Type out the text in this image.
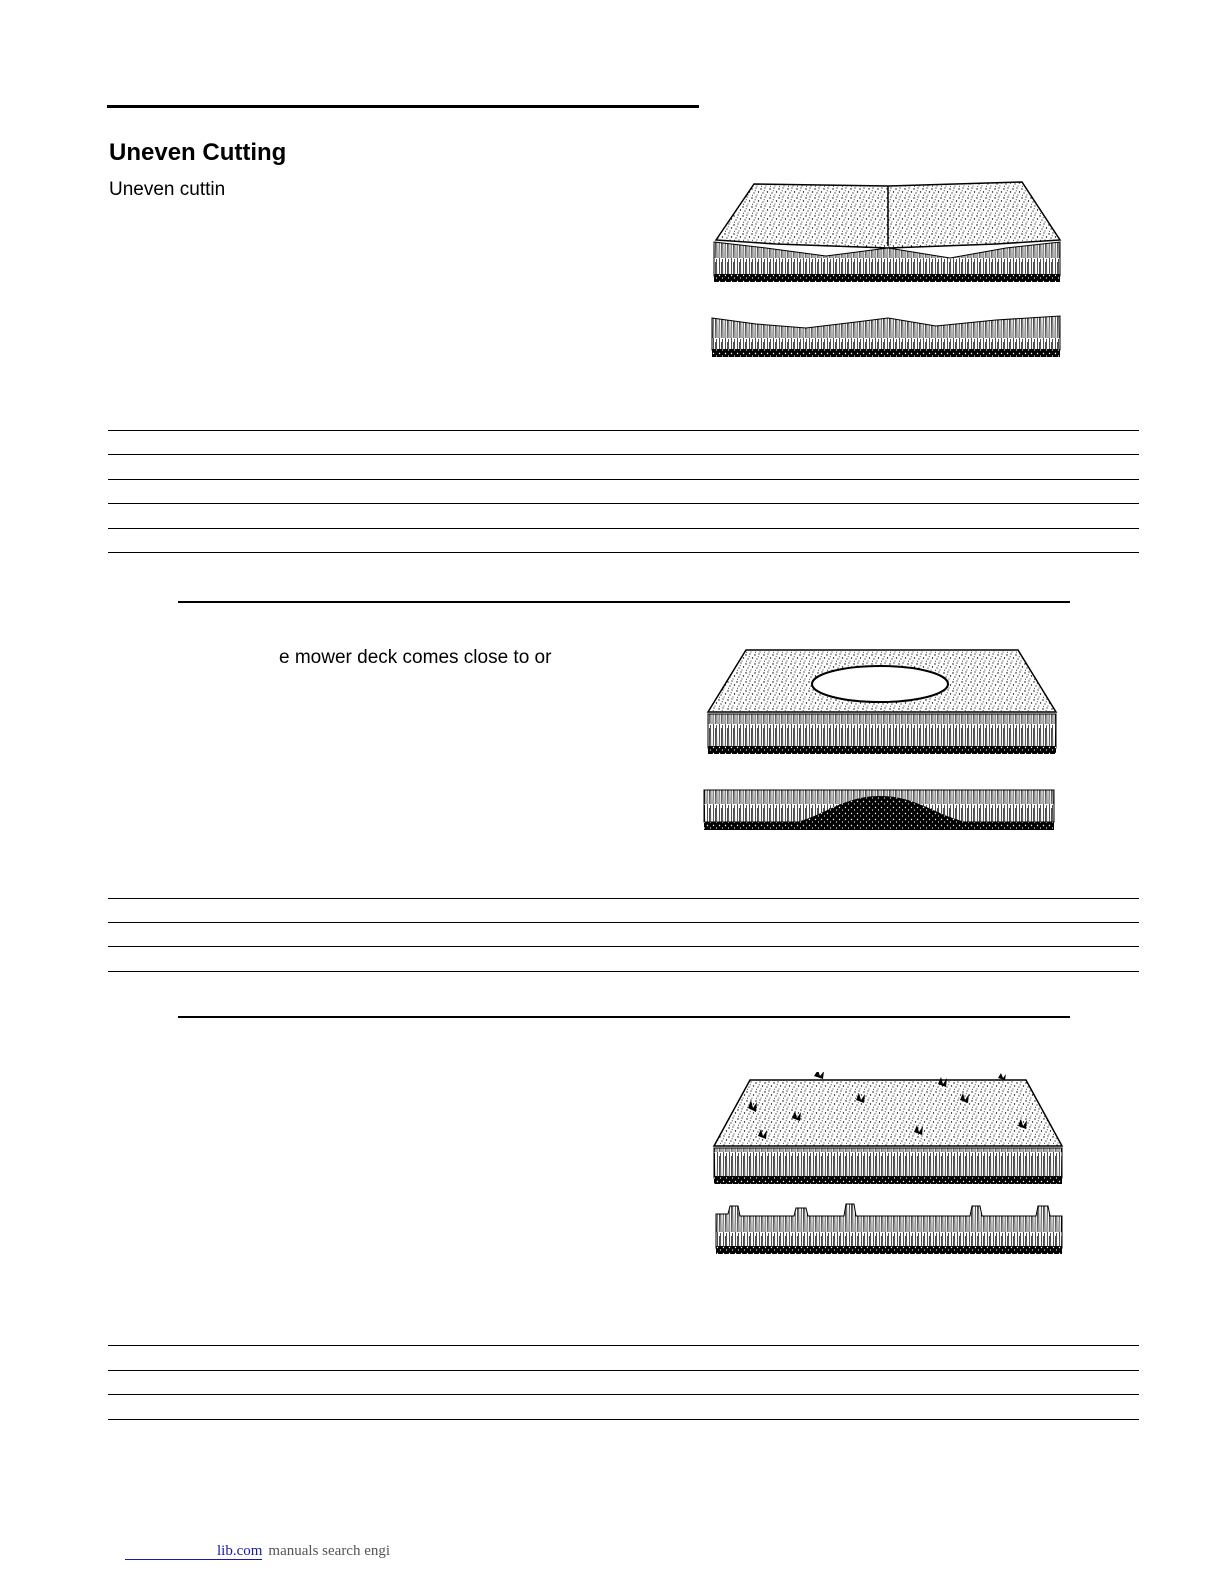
Uneven Cutting

Uneven cuttin

e mower deck comes close to or

lib.com manuals search engi
